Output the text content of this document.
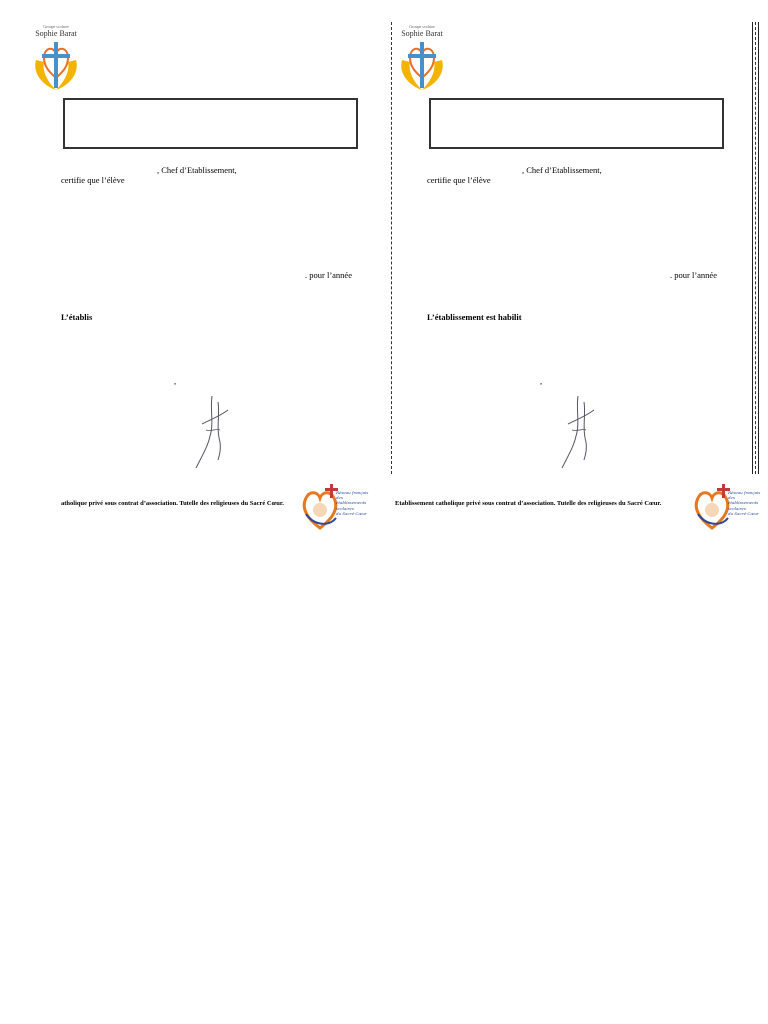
Groupe scolaire
Sophie Barat
, Chef d’Etablissement,
certifie que l’élève
. pour l’année
L’établis
,
atholique privé sous contrat d’association. Tutelle des religieuses du Sacré Cœur.
Réseau français
des établissements
scolaires
du Sacré-Cœur
Groupe scolaire
Sophie Barat
, Chef d’Etablissement,
certifie que l’élève
. pour l’année
L’établissement est habilit
,
Etablissement catholique privé sous contrat d’association. Tutelle des religieuses du Sacré Cœur.
Réseau français
des établissements
scolaires
du Sacré-Cœur
